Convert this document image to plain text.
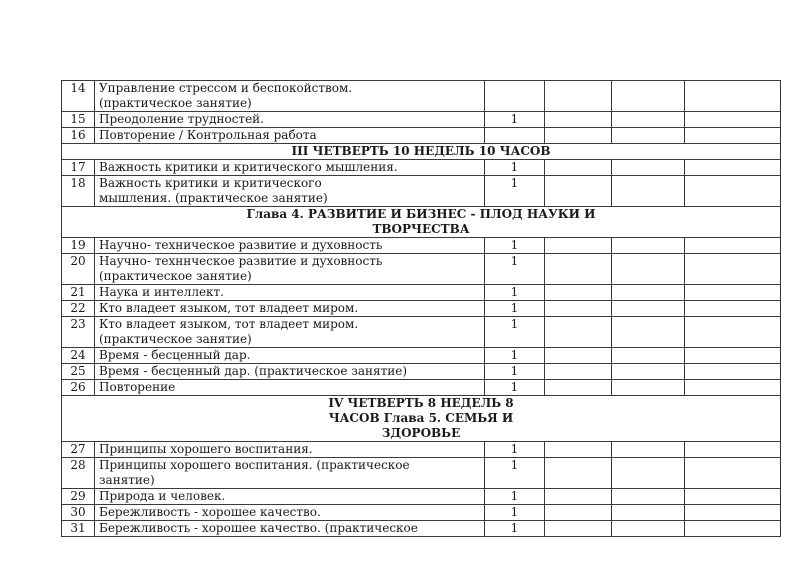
14	Управление стрессом и беспокойством.
(практическое занятие)				
15	Преодоление трудностей.	1			
16	Повторение / Контрольная работа				
III ЧЕТВЕРТЬ 10 НЕДЕЛЬ 10 ЧАСОВ					
17	Важность критики и критического мышления.	1			
18	Важность критики и критического
мышления. (практическое занятие)	1			
Глава 4. РАЗВИТИЕ И БИЗНЕС - ПЛОД НАУКИ И
ТВОРЧЕСТВА					
19	Научно- техническое развитие и духовность	1			
20	Научно- техннческое развитие и духовность
(практическое занятие)	1			
21	Наука и интеллект.	1			
22	Кто владеет языком, тот владеет миром.	1			
23	Кто владеет языком, тот владеет миром.
(практическое занятие)	1			
24	Время - бесценный дар.	1			
25	Время - бесценный дар. (практическое занятие)	1			
26	Повторение	1			
IV ЧЕТВЕРТЬ 8 НЕДЕЛЬ 8
ЧАСОВ Глава 5. СЕМЬЯ И
ЗДОРОВЬЕ					
27	Принципы хорошего воспитания.	1			
28	Принципы хорошего воспитания. (практическое
занятие)	1			
29	Природа и человек.	1			
30	Бережливость - хорошее качество.	1			
31	Бережливость - хорошее качество. (практическое	1			
